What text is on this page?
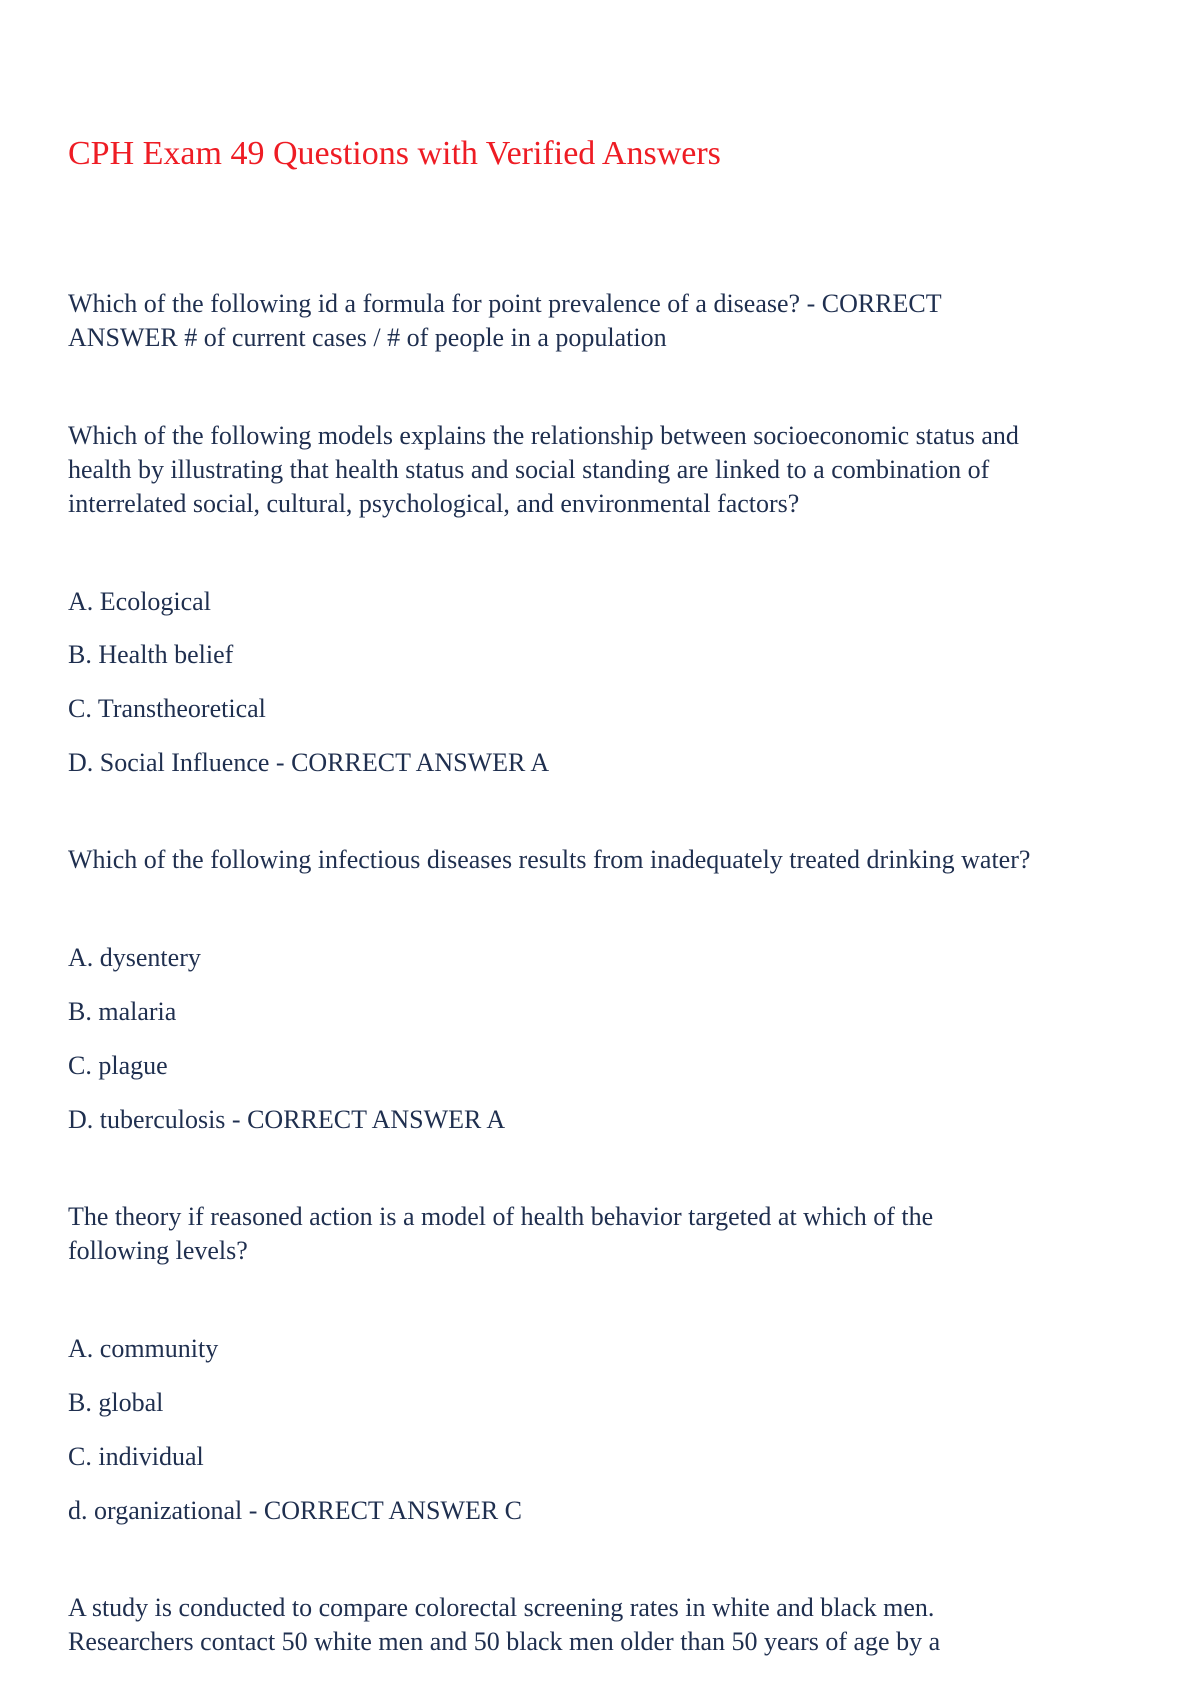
CPH Exam 49 Questions with Verified Answers

Which of the following id a formula for point prevalence of a disease? - CORRECT
ANSWER # of current cases / # of people in a population

Which of the following models explains the relationship between socioeconomic status and
health by illustrating that health status and social standing are linked to a combination of
interrelated social, cultural, psychological, and environmental factors?

A. Ecological

B. Health belief

C. Transtheoretical

D. Social Influence - CORRECT ANSWER A

Which of the following infectious diseases results from inadequately treated drinking water?

A. dysentery

B. malaria

C. plague

D. tuberculosis - CORRECT ANSWER A

The theory if reasoned action is a model of health behavior targeted at which of the
following levels?

A. community

B. global

C. individual

d. organizational - CORRECT ANSWER C

A study is conducted to compare colorectal screening rates in white and black men.
Researchers contact 50 white men and 50 black men older than 50 years of age by a
